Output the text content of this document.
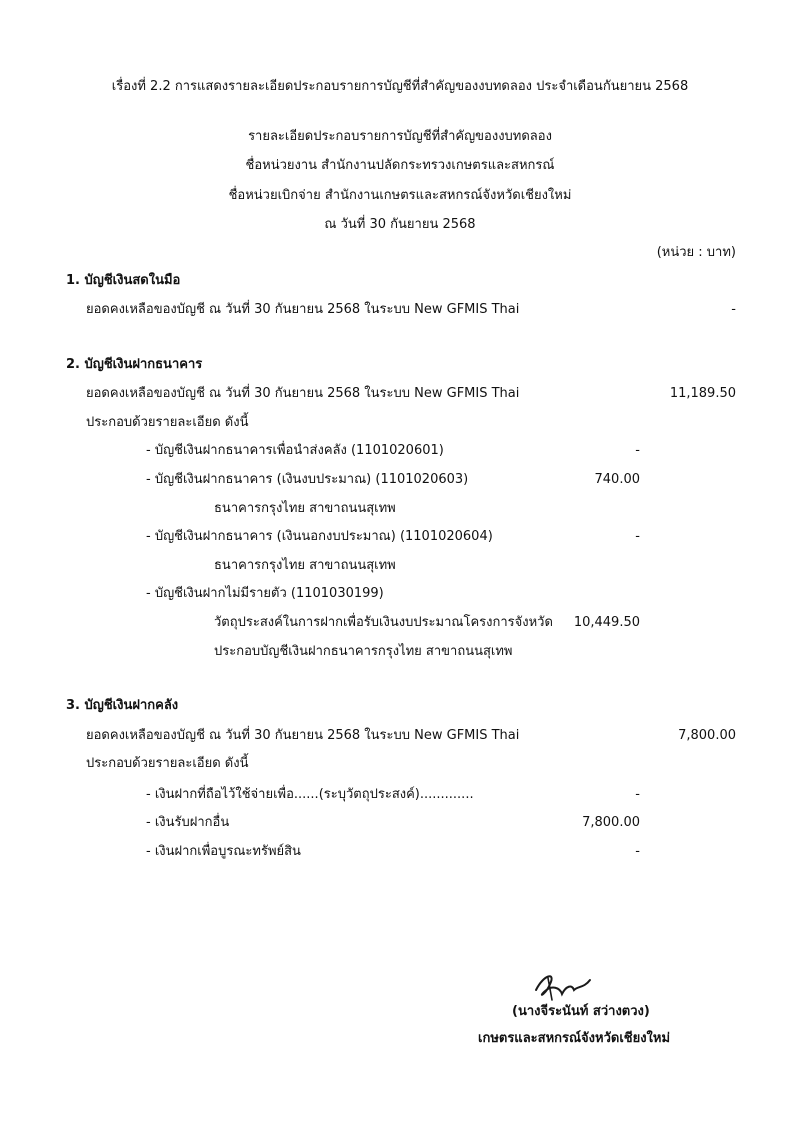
เรื่องที่ 2.2 การแสดงรายละเอียดประกอบรายการบัญชีที่สำคัญของงบทดลอง ประจำเดือนกันยายน 2568
รายละเอียดประกอบรายการบัญชีที่สำคัญของงบทดลอง
ชื่อหน่วยงาน สำนักงานปลัดกระทรวงเกษตรและสหกรณ์
ชื่อหน่วยเบิกจ่าย สำนักงานเกษตรและสหกรณ์จังหวัดเชียงใหม่
ณ วันที่ 30 กันยายน 2568
(หน่วย : บาท)
1. บัญชีเงินสดในมือ
ยอดคงเหลือของบัญชี ณ วันที่ 30 กันยายน 2568 ในระบบ New GFMIS Thai	-
2. บัญชีเงินฝากธนาคาร
ยอดคงเหลือของบัญชี ณ วันที่ 30 กันยายน 2568 ในระบบ New GFMIS Thai	11,189.50
ประกอบด้วยรายละเอียด ดังนี้
- บัญชีเงินฝากธนาคารเพื่อนำส่งคลัง (1101020601)	-
- บัญชีเงินฝากธนาคาร (เงินงบประมาณ) (1101020603)	740.00
ธนาคารกรุงไทย สาขาถนนสุเทพ
- บัญชีเงินฝากธนาคาร (เงินนอกงบประมาณ) (1101020604)	-
ธนาคารกรุงไทย สาขาถนนสุเทพ
- บัญชีเงินฝากไม่มีรายตัว (1101030199)
วัตถุประสงค์ในการฝากเพื่อรับเงินงบประมาณโครงการจังหวัด 10,449.50
ประกอบบัญชีเงินฝากธนาคารกรุงไทย สาขาถนนสุเทพ
3. บัญชีเงินฝากคลัง
ยอดคงเหลือของบัญชี ณ วันที่ 30 กันยายน 2568 ในระบบ New GFMIS Thai	7,800.00
ประกอบด้วยรายละเอียด ดังนี้
- เงินฝากที่ถือไว้ใช้จ่ายเพื่อ......(ระบุวัตถุประสงค์).............	-
- เงินรับฝากอื่น	7,800.00
- เงินฝากเพื่อบูรณะทรัพย์สิน	-
(นางจีระนันท์ สว่างตวง)
เกษตรและสหกรณ์จังหวัดเชียงใหม่
